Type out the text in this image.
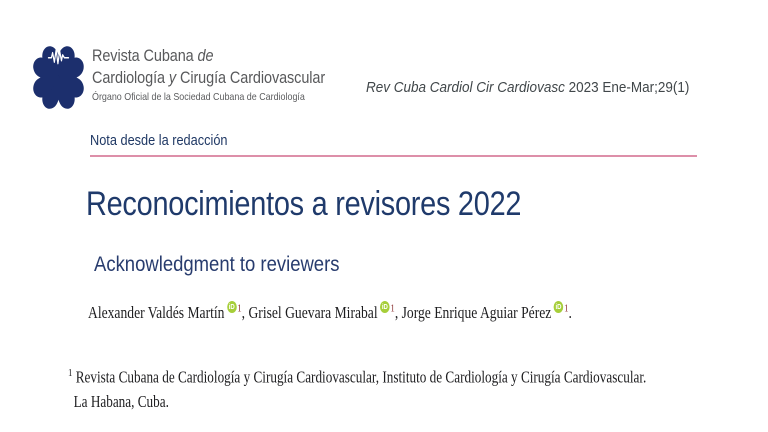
Revista Cubana de
Cardiología y Cirugía Cardiovascular
Órgano Oficial de la Sociedad Cubana de Cardiología
Rev Cuba Cardiol Cir Cardiovasc 2023 Ene-Mar;29(1)
Nota desde la redacción
Reconocimientos a revisores 2022
Acknowledgment to reviewers

Alexander Valdés Martín iD $^1$, Grisel Guevara Mirabal iD $^1$, Jorge Enrique Aguiar Pérez iD $^1$.

$^1$ Revista Cubana de Cardiología y Cirugía Cardiovascular, Instituto de Cardiología y Cirugía Cardiovascular.
La Habana, Cuba.
